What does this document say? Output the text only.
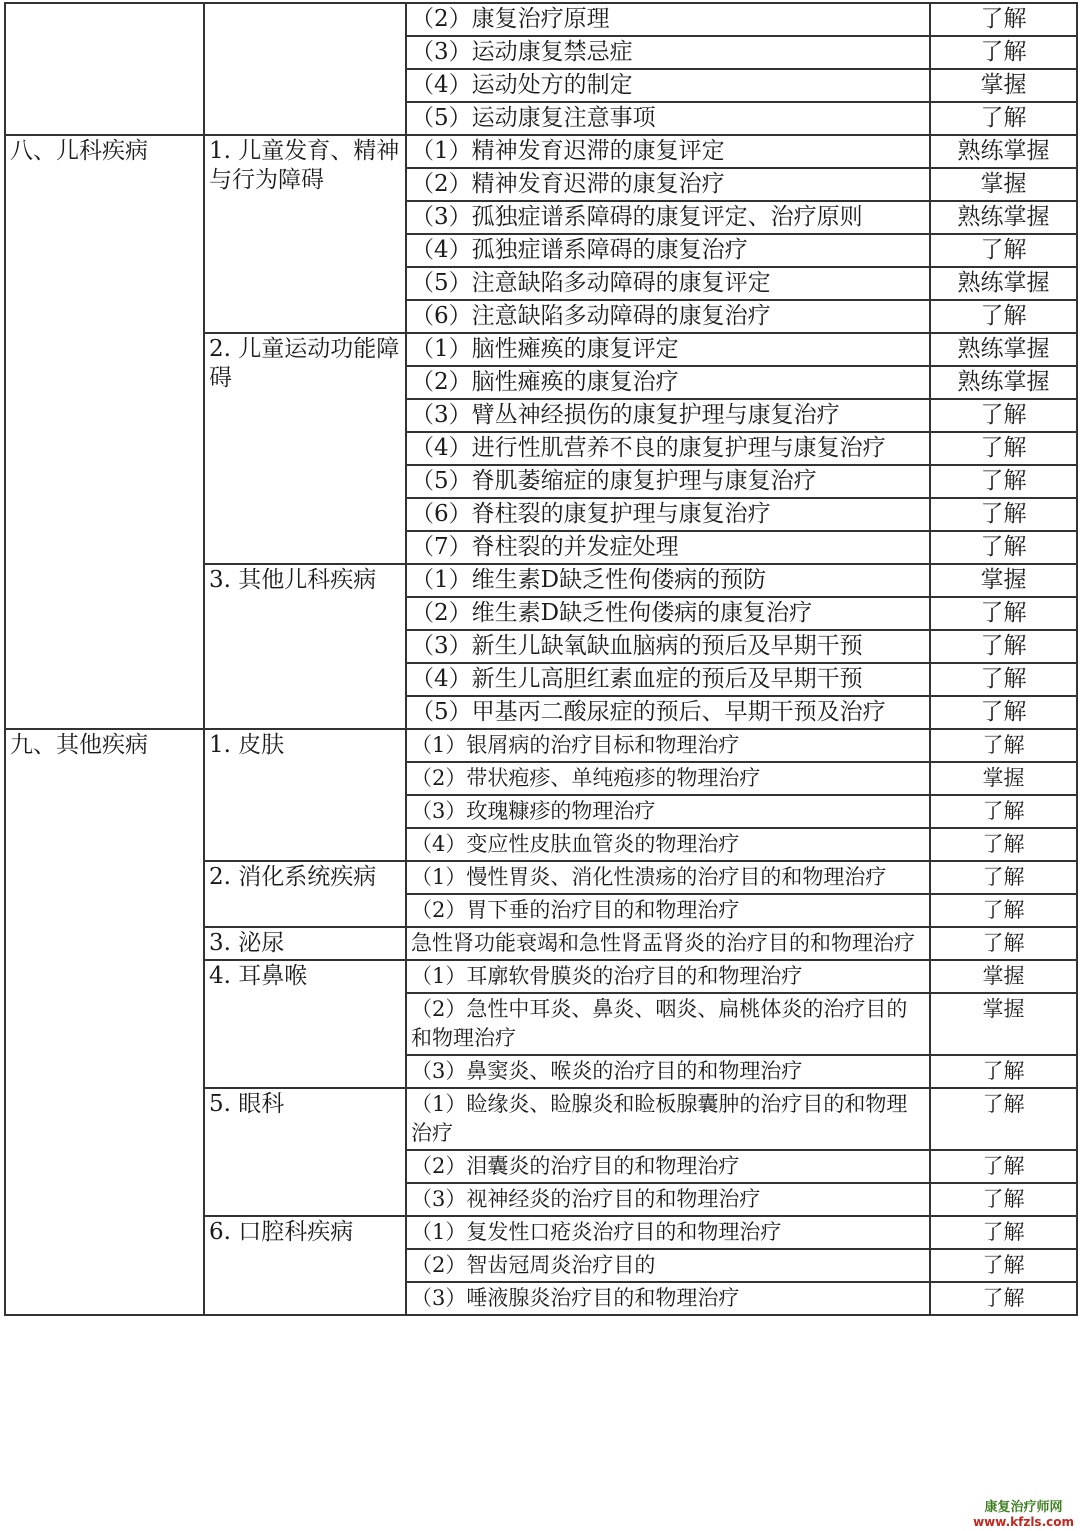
		（2）康复治疗原理	了解
		（3）运动康复禁忌症	了解
		（4）运动处方的制定	掌握
		（5）运动康复注意事项	了解
八、儿科疾病	1. 儿童发育、精神与行为障碍	（1）精神发育迟滞的康复评定	熟练掌握
		（2）精神发育迟滞的康复治疗	掌握
		（3）孤独症谱系障碍的康复评定、治疗原则	熟练掌握
		（4）孤独症谱系障碍的康复治疗	了解
		（5）注意缺陷多动障碍的康复评定	熟练掌握
		（6）注意缺陷多动障碍的康复治疗	了解
	2. 儿童运动功能障碍	（1）脑性瘫痪的康复评定	熟练掌握
		（2）脑性瘫痪的康复治疗	熟练掌握
		（3）臂丛神经损伤的康复护理与康复治疗	了解
		（4）进行性肌营养不良的康复护理与康复治疗	了解
		（5）脊肌萎缩症的康复护理与康复治疗	了解
		（6）脊柱裂的康复护理与康复治疗	了解
		（7）脊柱裂的并发症处理	了解
	3. 其他儿科疾病	（1）维生素D缺乏性佝偻病的预防	掌握
		（2）维生素D缺乏性佝偻病的康复治疗	了解
		（3）新生儿缺氧缺血脑病的预后及早期干预	了解
		（4）新生儿高胆红素血症的预后及早期干预	了解
		（5）甲基丙二酸尿症的预后、早期干预及治疗	了解
九、其他疾病	1. 皮肤	（1）银屑病的治疗目标和物理治疗	了解
		（2）带状疱疹、单纯疱疹的物理治疗	掌握
		（3）玫瑰糠疹的物理治疗	了解
		（4）变应性皮肤血管炎的物理治疗	了解
	2. 消化系统疾病	（1）慢性胃炎、消化性溃疡的治疗目的和物理治疗	了解
		（2）胃下垂的治疗目的和物理治疗	了解
	3. 泌尿	急性肾功能衰竭和急性肾盂肾炎的治疗目的和物理治疗	了解
	4. 耳鼻喉	（1）耳廓软骨膜炎的治疗目的和物理治疗	掌握
		（2）急性中耳炎、鼻炎、咽炎、扁桃体炎的治疗目的和物理治疗	掌握
		（3）鼻窦炎、喉炎的治疗目的和物理治疗	了解
	5. 眼科	（1）睑缘炎、睑腺炎和睑板腺囊肿的治疗目的和物理治疗	了解
		（2）泪囊炎的治疗目的和物理治疗	了解
		（3）视神经炎的治疗目的和物理治疗	了解
	6. 口腔科疾病	（1）复发性口疮炎治疗目的和物理治疗	了解
		（2）智齿冠周炎治疗目的	了解
		（3）唾液腺炎治疗目的和物理治疗	了解
康复治疗师网
www.kfzls.com
